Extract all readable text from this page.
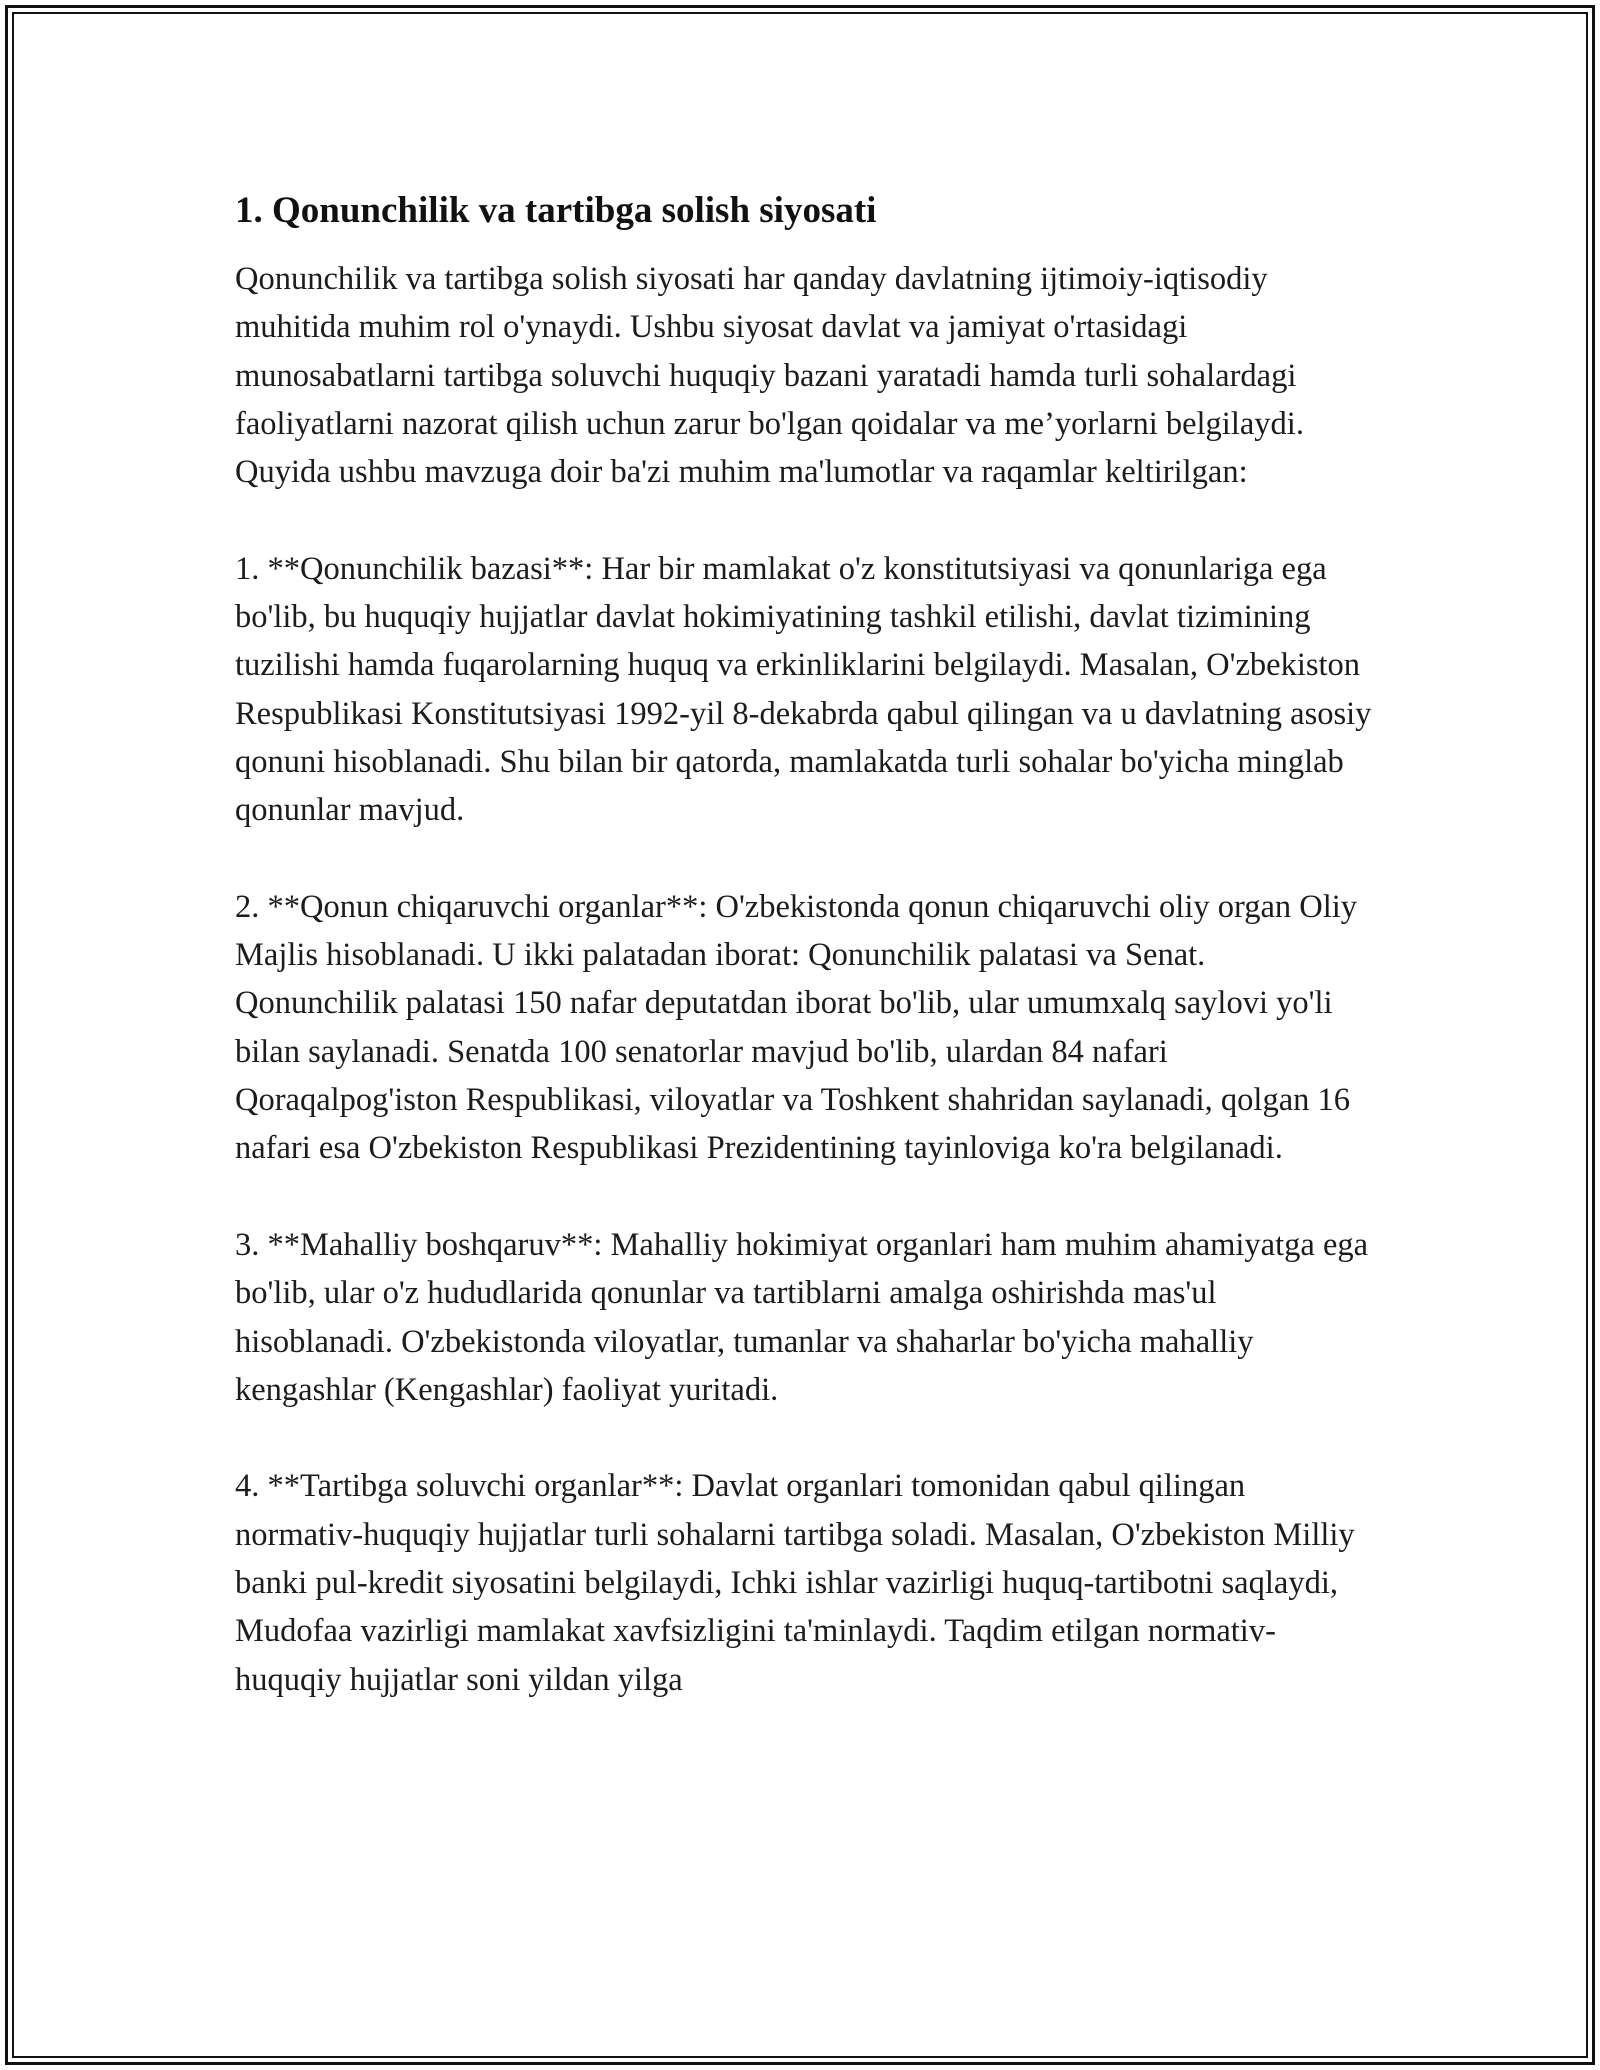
1. Qonunchilik va tartibga solish siyosati

Qonunchilik va tartibga solish siyosati har qanday davlatning ijtimoiy-iqtisodiy muhitida muhim rol o'ynaydi. Ushbu siyosat davlat va jamiyat o'rtasidagi munosabatlarni tartibga soluvchi huquqiy bazani yaratadi hamda turli sohalardagi faoliyatlarni nazorat qilish uchun zarur bo'lgan qoidalar va me’yorlarni belgilaydi. Quyida ushbu mavzuga doir ba'zi muhim ma'lumotlar va raqamlar keltirilgan:

1. **Qonunchilik bazasi**: Har bir mamlakat o'z konstitutsiyasi va qonunlariga ega bo'lib, bu huquqiy hujjatlar davlat hokimiyatining tashkil etilishi, davlat tizimining tuzilishi hamda fuqarolarning huquq va erkinliklarini belgilaydi. Masalan, O'zbekiston Respublikasi Konstitutsiyasi 1992-yil 8-dekabrda qabul qilingan va u davlatning asosiy qonuni hisoblanadi. Shu bilan bir qatorda, mamlakatda turli sohalar bo'yicha minglab qonunlar mavjud.

2. **Qonun chiqaruvchi organlar**: O'zbekistonda qonun chiqaruvchi oliy organ Oliy Majlis hisoblanadi. U ikki palatadan iborat: Qonunchilik palatasi va Senat. Qonunchilik palatasi 150 nafar deputatdan iborat bo'lib, ular umumxalq saylovi yo'li bilan saylanadi. Senatda 100 senatorlar mavjud bo'lib, ulardan 84 nafari Qoraqalpog'iston Respublikasi, viloyatlar va Toshkent shahridan saylanadi, qolgan 16 nafari esa O'zbekiston Respublikasi Prezidentining tayinloviga ko'ra belgilanadi.

3. **Mahalliy boshqaruv**: Mahalliy hokimiyat organlari ham muhim ahamiyatga ega bo'lib, ular o'z hududlarida qonunlar va tartiblarni amalga oshirishda mas'ul hisoblanadi. O'zbekistonda viloyatlar, tumanlar va shaharlar bo'yicha mahalliy kengashlar (Kengashlar) faoliyat yuritadi.

4. **Tartibga soluvchi organlar**: Davlat organlari tomonidan qabul qilingan normativ-huquqiy hujjatlar turli sohalarni tartibga soladi. Masalan, O'zbekiston Milliy banki pul-kredit siyosatini belgilaydi, Ichki ishlar vazirligi huquq-tartibotni saqlaydi, Mudofaa vazirligi mamlakat xavfsizligini ta'minlaydi. Taqdim etilgan normativ-huquqiy hujjatlar soni yildan yilga
